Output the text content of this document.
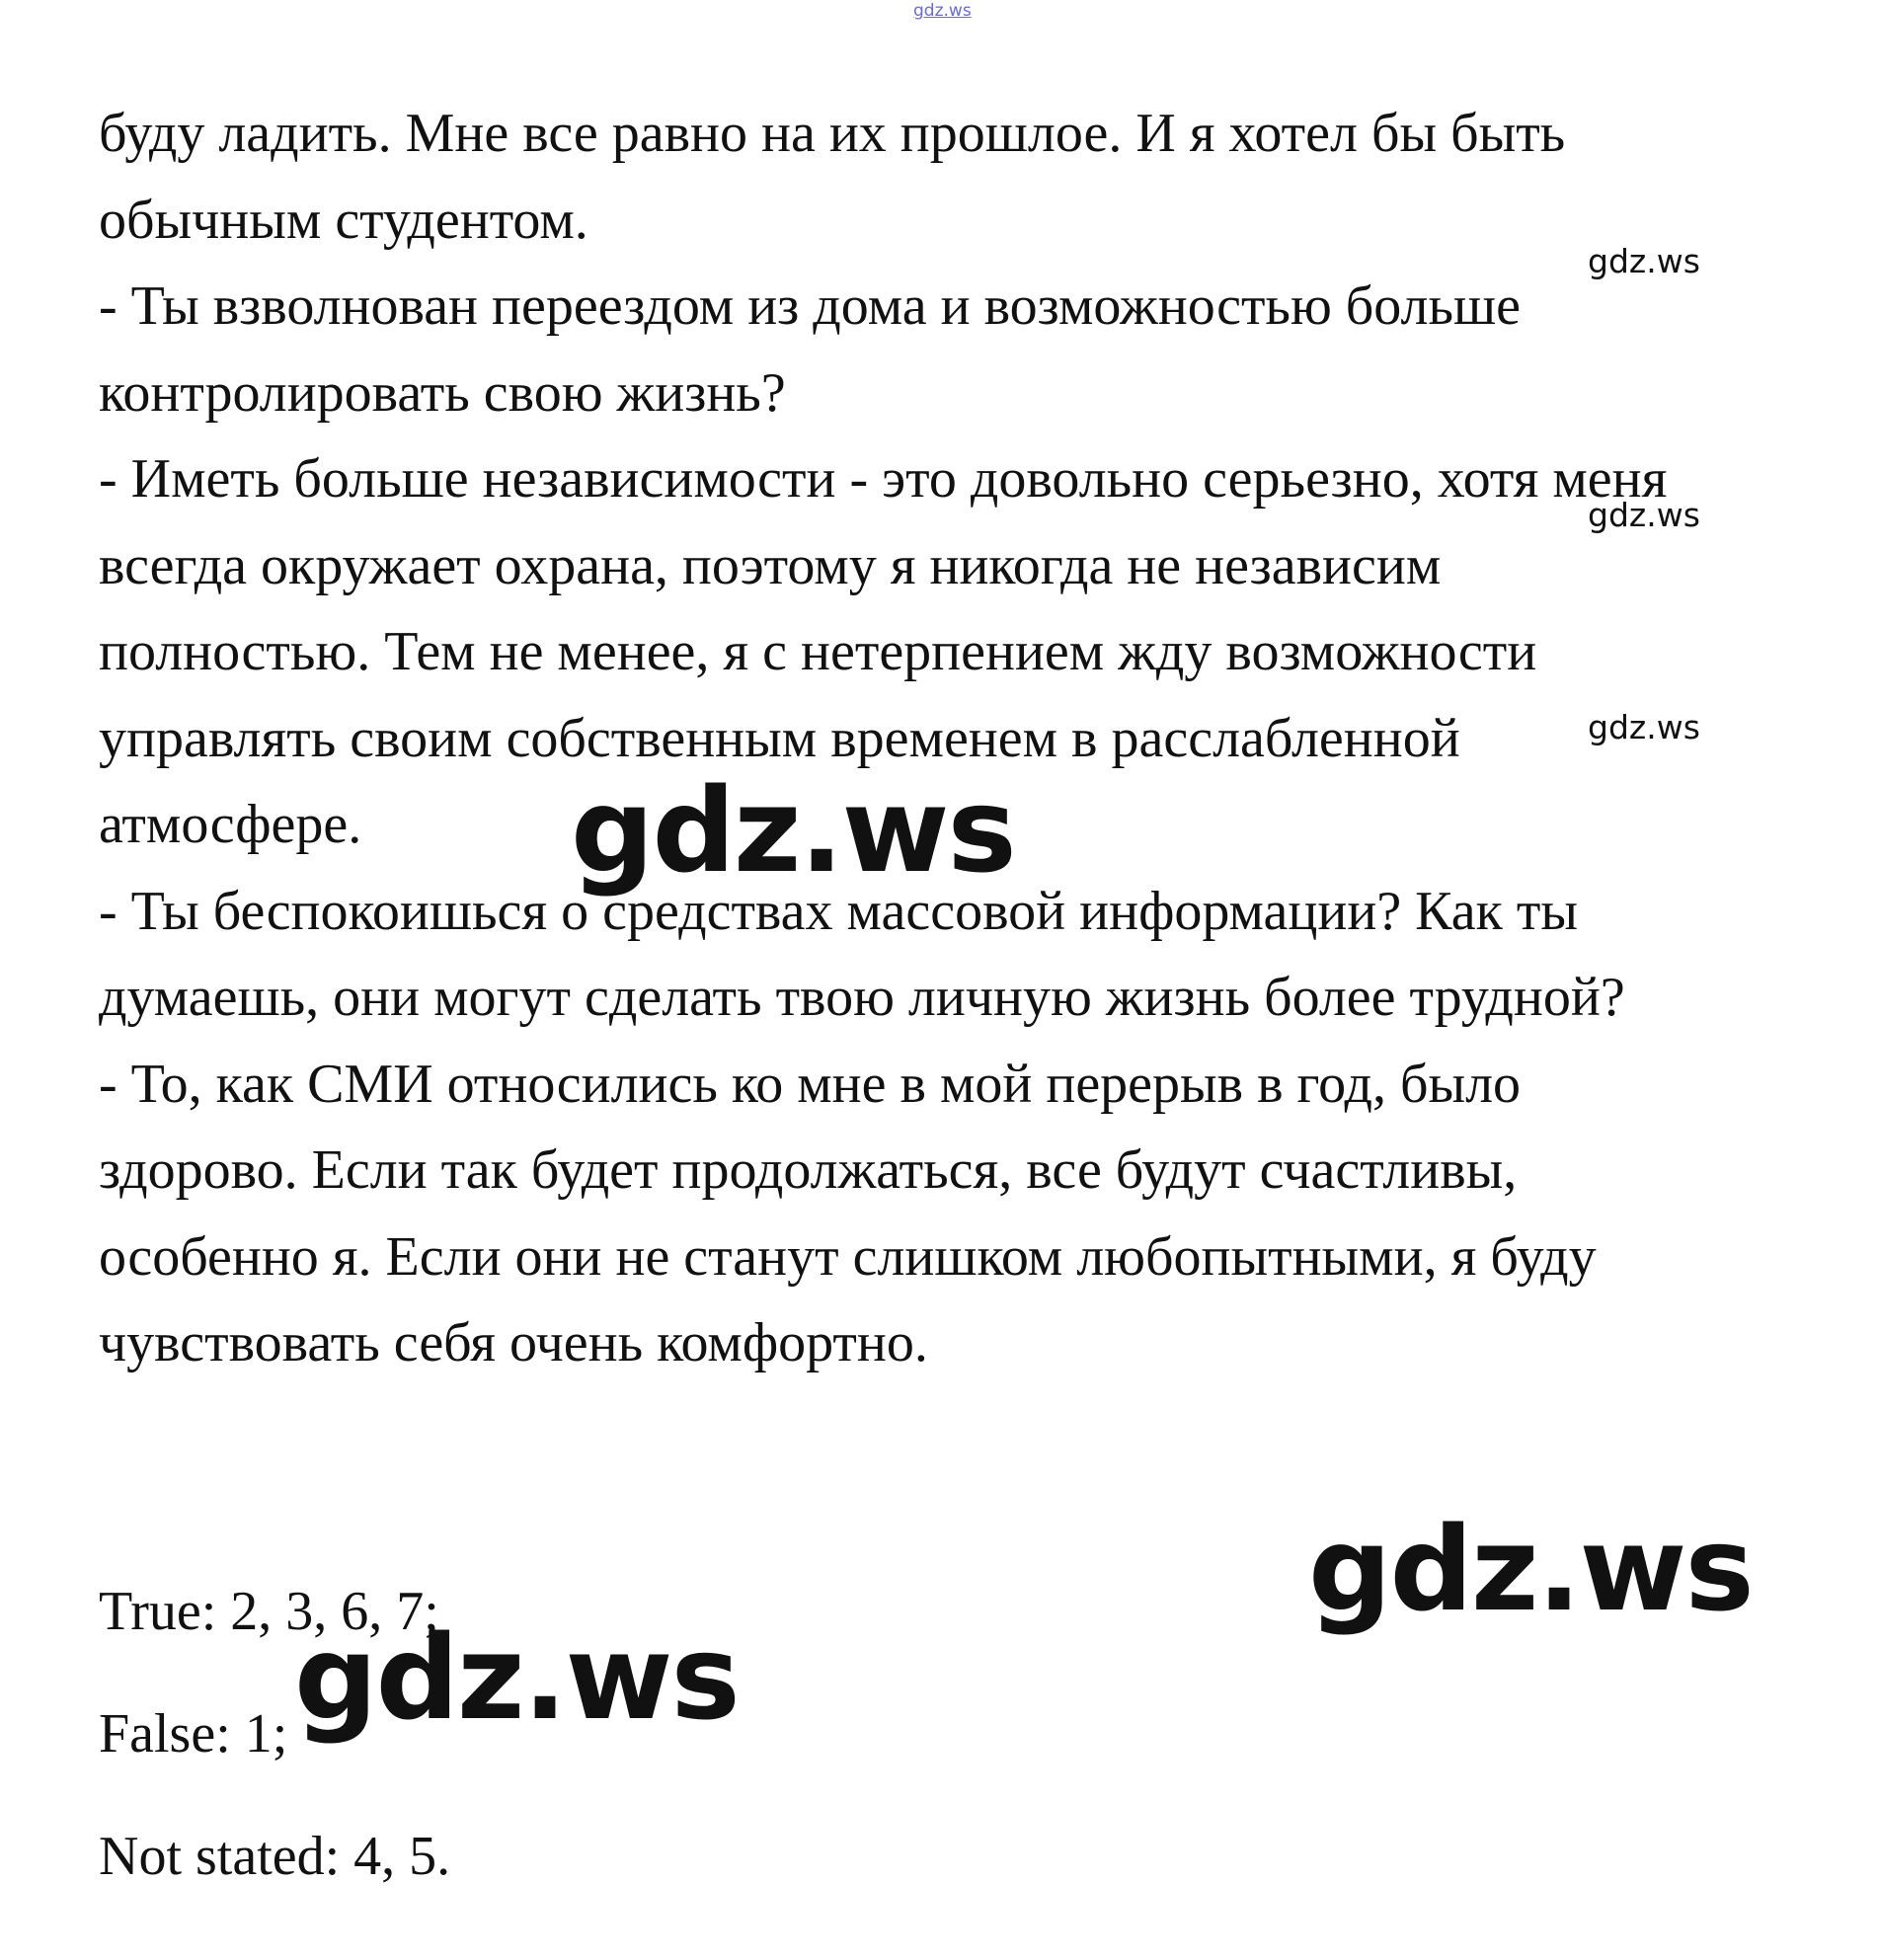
gdz.ws
буду ладить. Мне все равно на их прошлое. И я хотел бы быть
обычным студентом.
- Ты взволнован переездом из дома и возможностью больше
контролировать свою жизнь?
- Иметь больше независимости - это довольно серьезно, хотя меня
всегда окружает охрана, поэтому я никогда не независим
полностью. Тем не менее, я с нетерпением жду возможности
управлять своим собственным временем в расслабленной
атмосфере.
- Ты беспокоишься о средствах массовой информации? Как ты
думаешь, они могут сделать твою личную жизнь более трудной?
- То, как СМИ относились ко мне в мой перерыв в год, было
здорово. Если так будет продолжаться, все будут счастливы,
особенно я. Если они не станут слишком любопытными, я буду
чувствовать себя очень комфортно.
True: 2, 3, 6, 7;
False: 1;
Not stated: 4, 5.
gdz.ws
gdz.ws
gdz.ws
gdz.ws
gdz.ws
gdz.ws
